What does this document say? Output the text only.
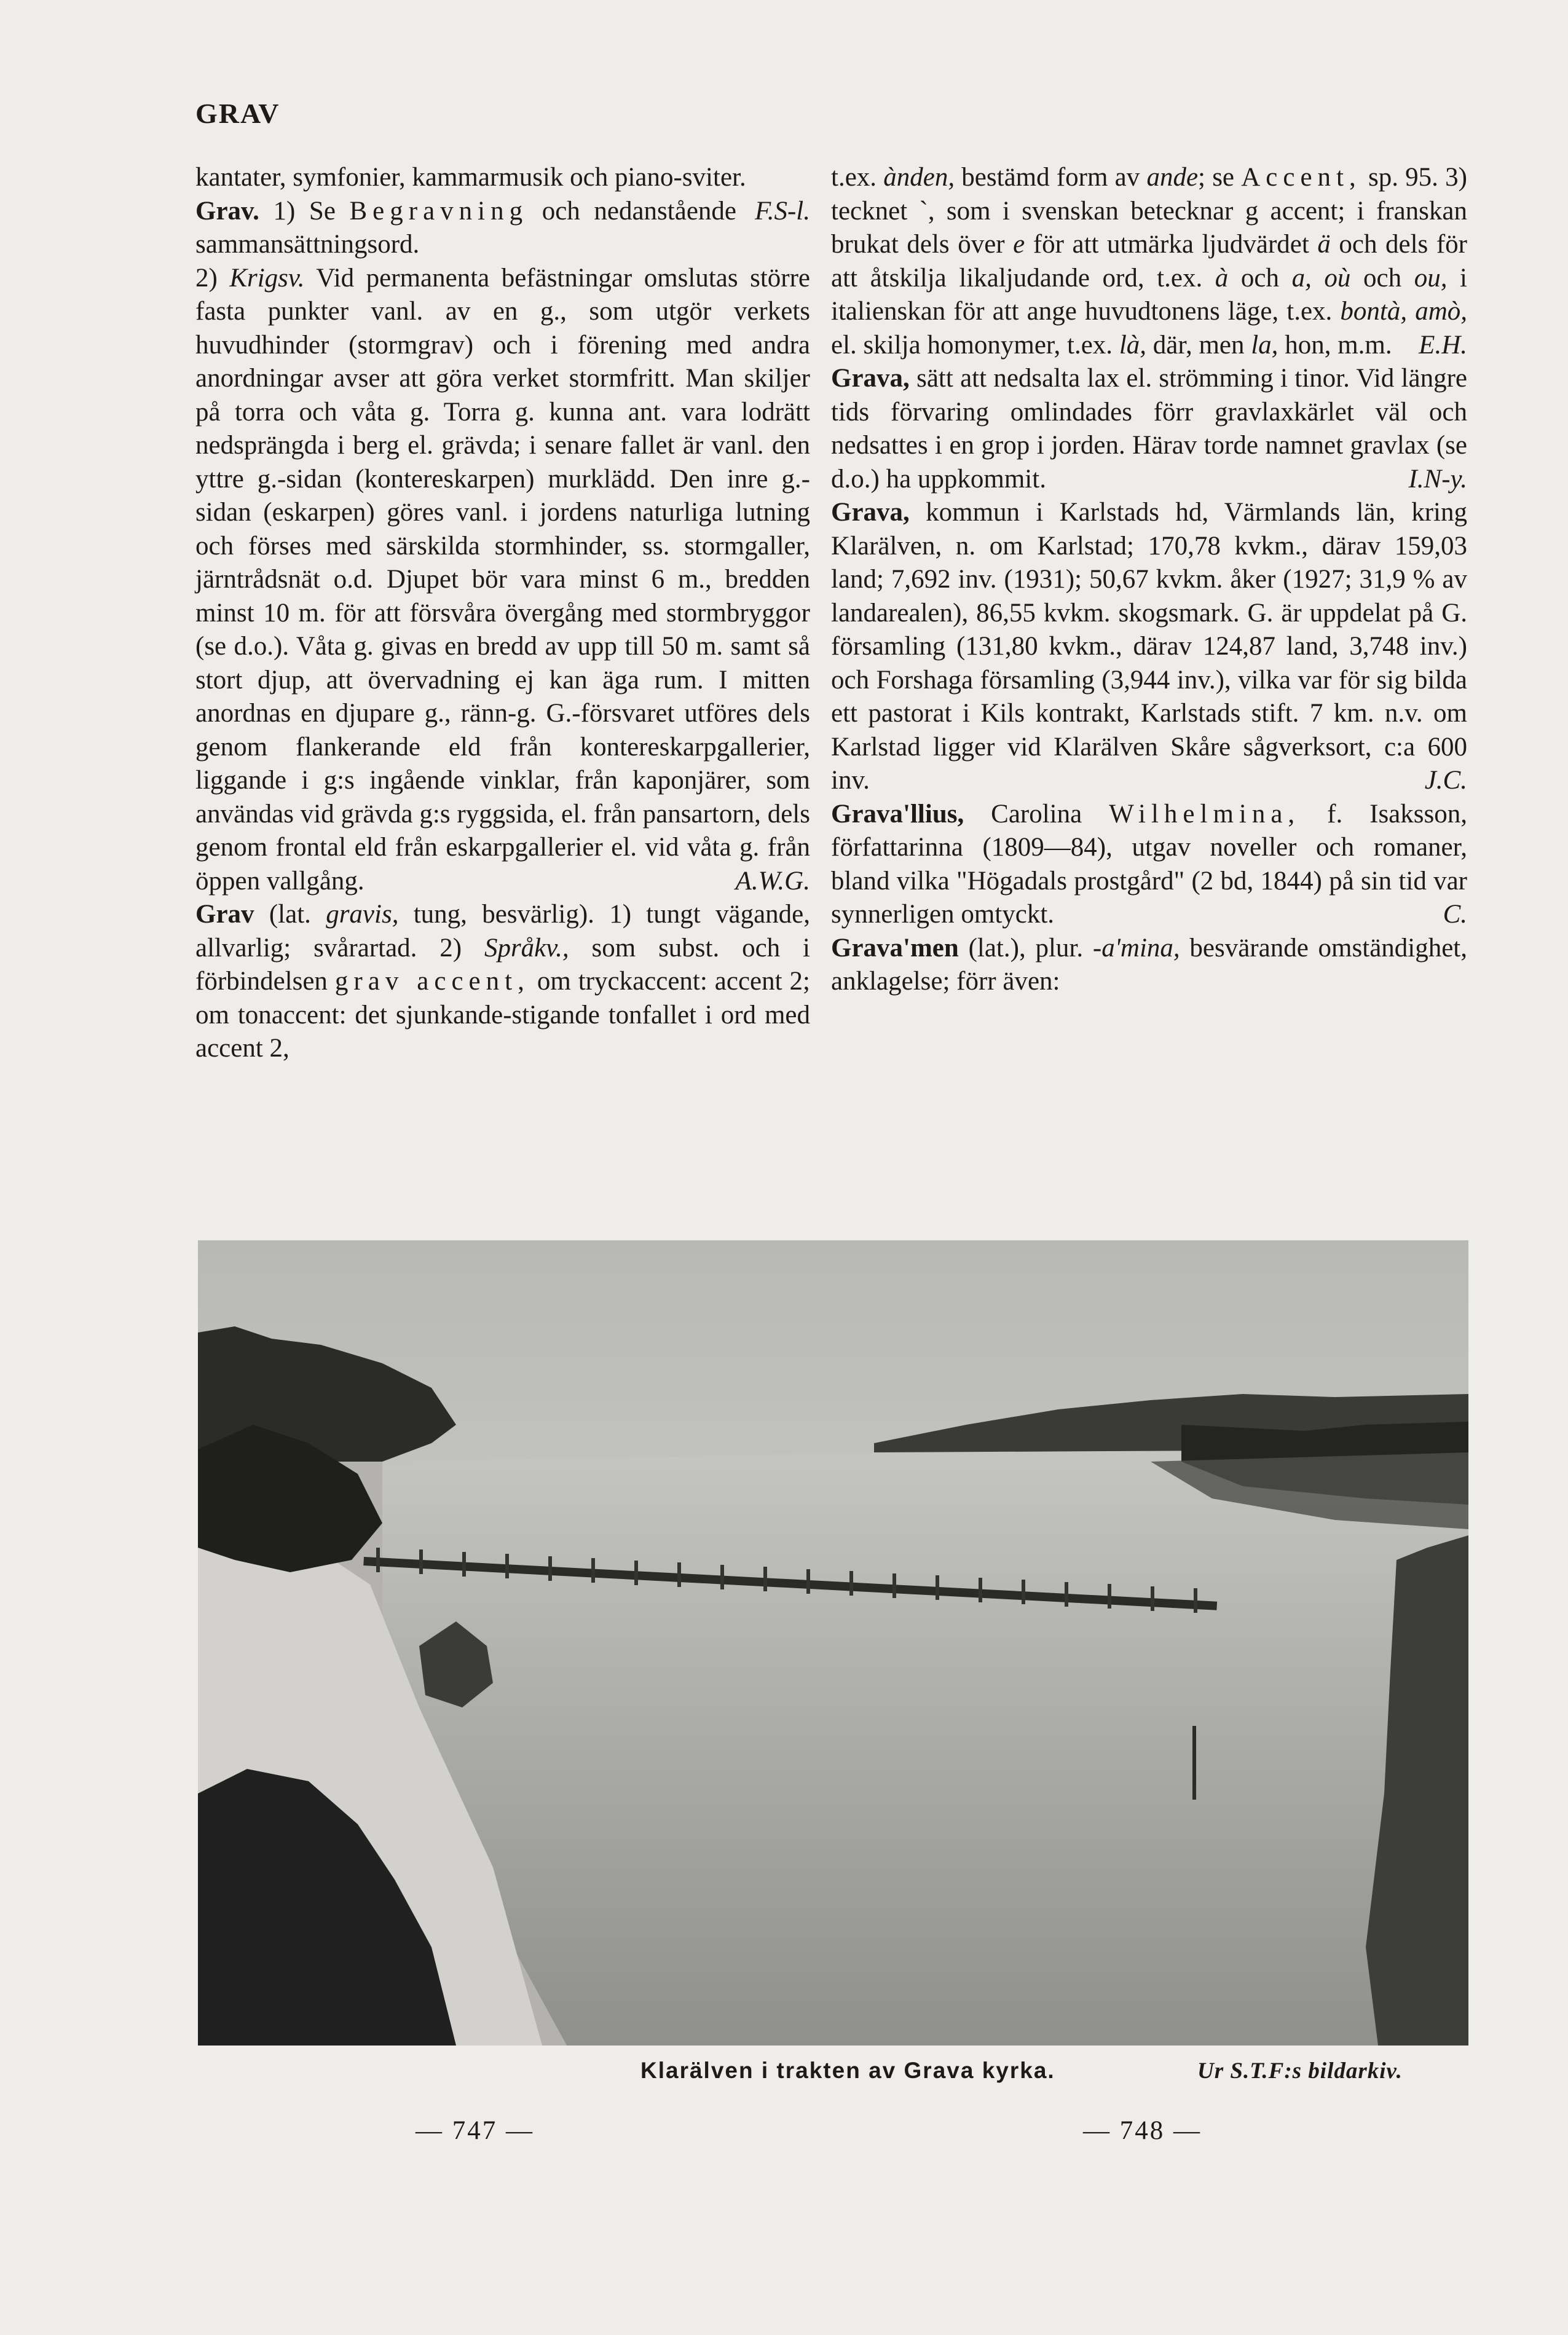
GRAV

kantater, symfonier, kammarmusik och piano-sviter.
F.S-l.

Grav. 1) Se Begravning och nedanstående sammansättningsord.

2) Krigsv. Vid permanenta befästningar omslutas större fasta punkter vanl. av en g., som utgör verkets huvudhinder (stormgrav) och i förening med andra anordningar avser att göra verket stormfritt. Man skiljer på torra och våta g. Torra g. kunna ant. vara lodrätt nedsprängda i berg el. grävda; i senare fallet är vanl. den yttre g.-sidan (kontereskarpen) murklädd. Den inre g.-sidan (eskarpen) göres vanl. i jordens naturliga lutning och förses med särskilda stormhinder, ss. stormgaller, järntrådsnät o.d. Djupet bör vara minst 6 m., bredden minst 10 m. för att försvåra övergång med stormbryggor (se d.o.). Våta g. givas en bredd av upp till 50 m. samt så stort djup, att övervadning ej kan äga rum. I mitten anordnas en djupare g., ränn-g. G.-försvaret utföres dels genom flankerande eld från kontereskarpgallerier, liggande i g:s ingående vinklar, från kaponjärer, som användas vid grävda g:s ryggsida, el. från pansartorn, dels genom frontal eld från eskarpgallerier el. vid våta g. från öppen vallgång.	A.W.G.

Grav (lat. gravis, tung, besvärlig). 1) tungt vägande, allvarlig; svårartad. 2) Språkv., som subst. och i förbindelsen grav accent, om tryckaccent: accent 2; om tonaccent: det sjunkande-stigande tonfallet i ord med accent 2,

t.ex. ànden, bestämd form av ande; se Accent, sp. 95. 3) tecknet `, som i svenskan betecknar g accent; i franskan brukat dels över e för att utmärka ljudvärdet ä och dels för att åtskilja likaljudande ord, t.ex. à och a, où och ou, i italienskan för att ange huvudtonens läge, t.ex. bontà, amò, el. skilja homonymer, t.ex. là, där, men la, hon, m.m.	E.H.

Grava, sätt att nedsalta lax el. strömming i tinor. Vid längre tids förvaring omlindades förr gravlaxkärlet väl och nedsattes i en grop i jorden. Härav torde namnet gravlax (se d.o.) ha uppkommit.	I.N-y.

Grava, kommun i Karlstads hd, Värmlands län, kring Klarälven, n. om Karlstad; 170,78 kvkm., därav 159,03 land; 7,692 inv. (1931); 50,67 kvkm. åker (1927; 31,9 % av landarealen), 86,55 kvkm. skogsmark. G. är uppdelat på G. församling (131,80 kvkm., därav 124,87 land, 3,748 inv.) och Forshaga församling (3,944 inv.), vilka var för sig bilda ett pastorat i Kils kontrakt, Karlstads stift. 7 km. n.v. om Karlstad ligger vid Klarälven Skåre sågverksort, c:a 600 inv.	J.C.

Grava'llius, Carolina Wilhelmina, f. Isaksson, författarinna (1809—84), utgav noveller och romaner, bland vilka "Högadals prostgård" (2 bd, 1844) på sin tid var synnerligen omtyckt.	C.

Grava'men (lat.), plur. -a'mina, besvärande omständighet, anklagelse; förr även:

Klarälven i trakten av Grava kyrka.	Ur S.T.F:s bildarkiv.
— 747 —	— 748 —
